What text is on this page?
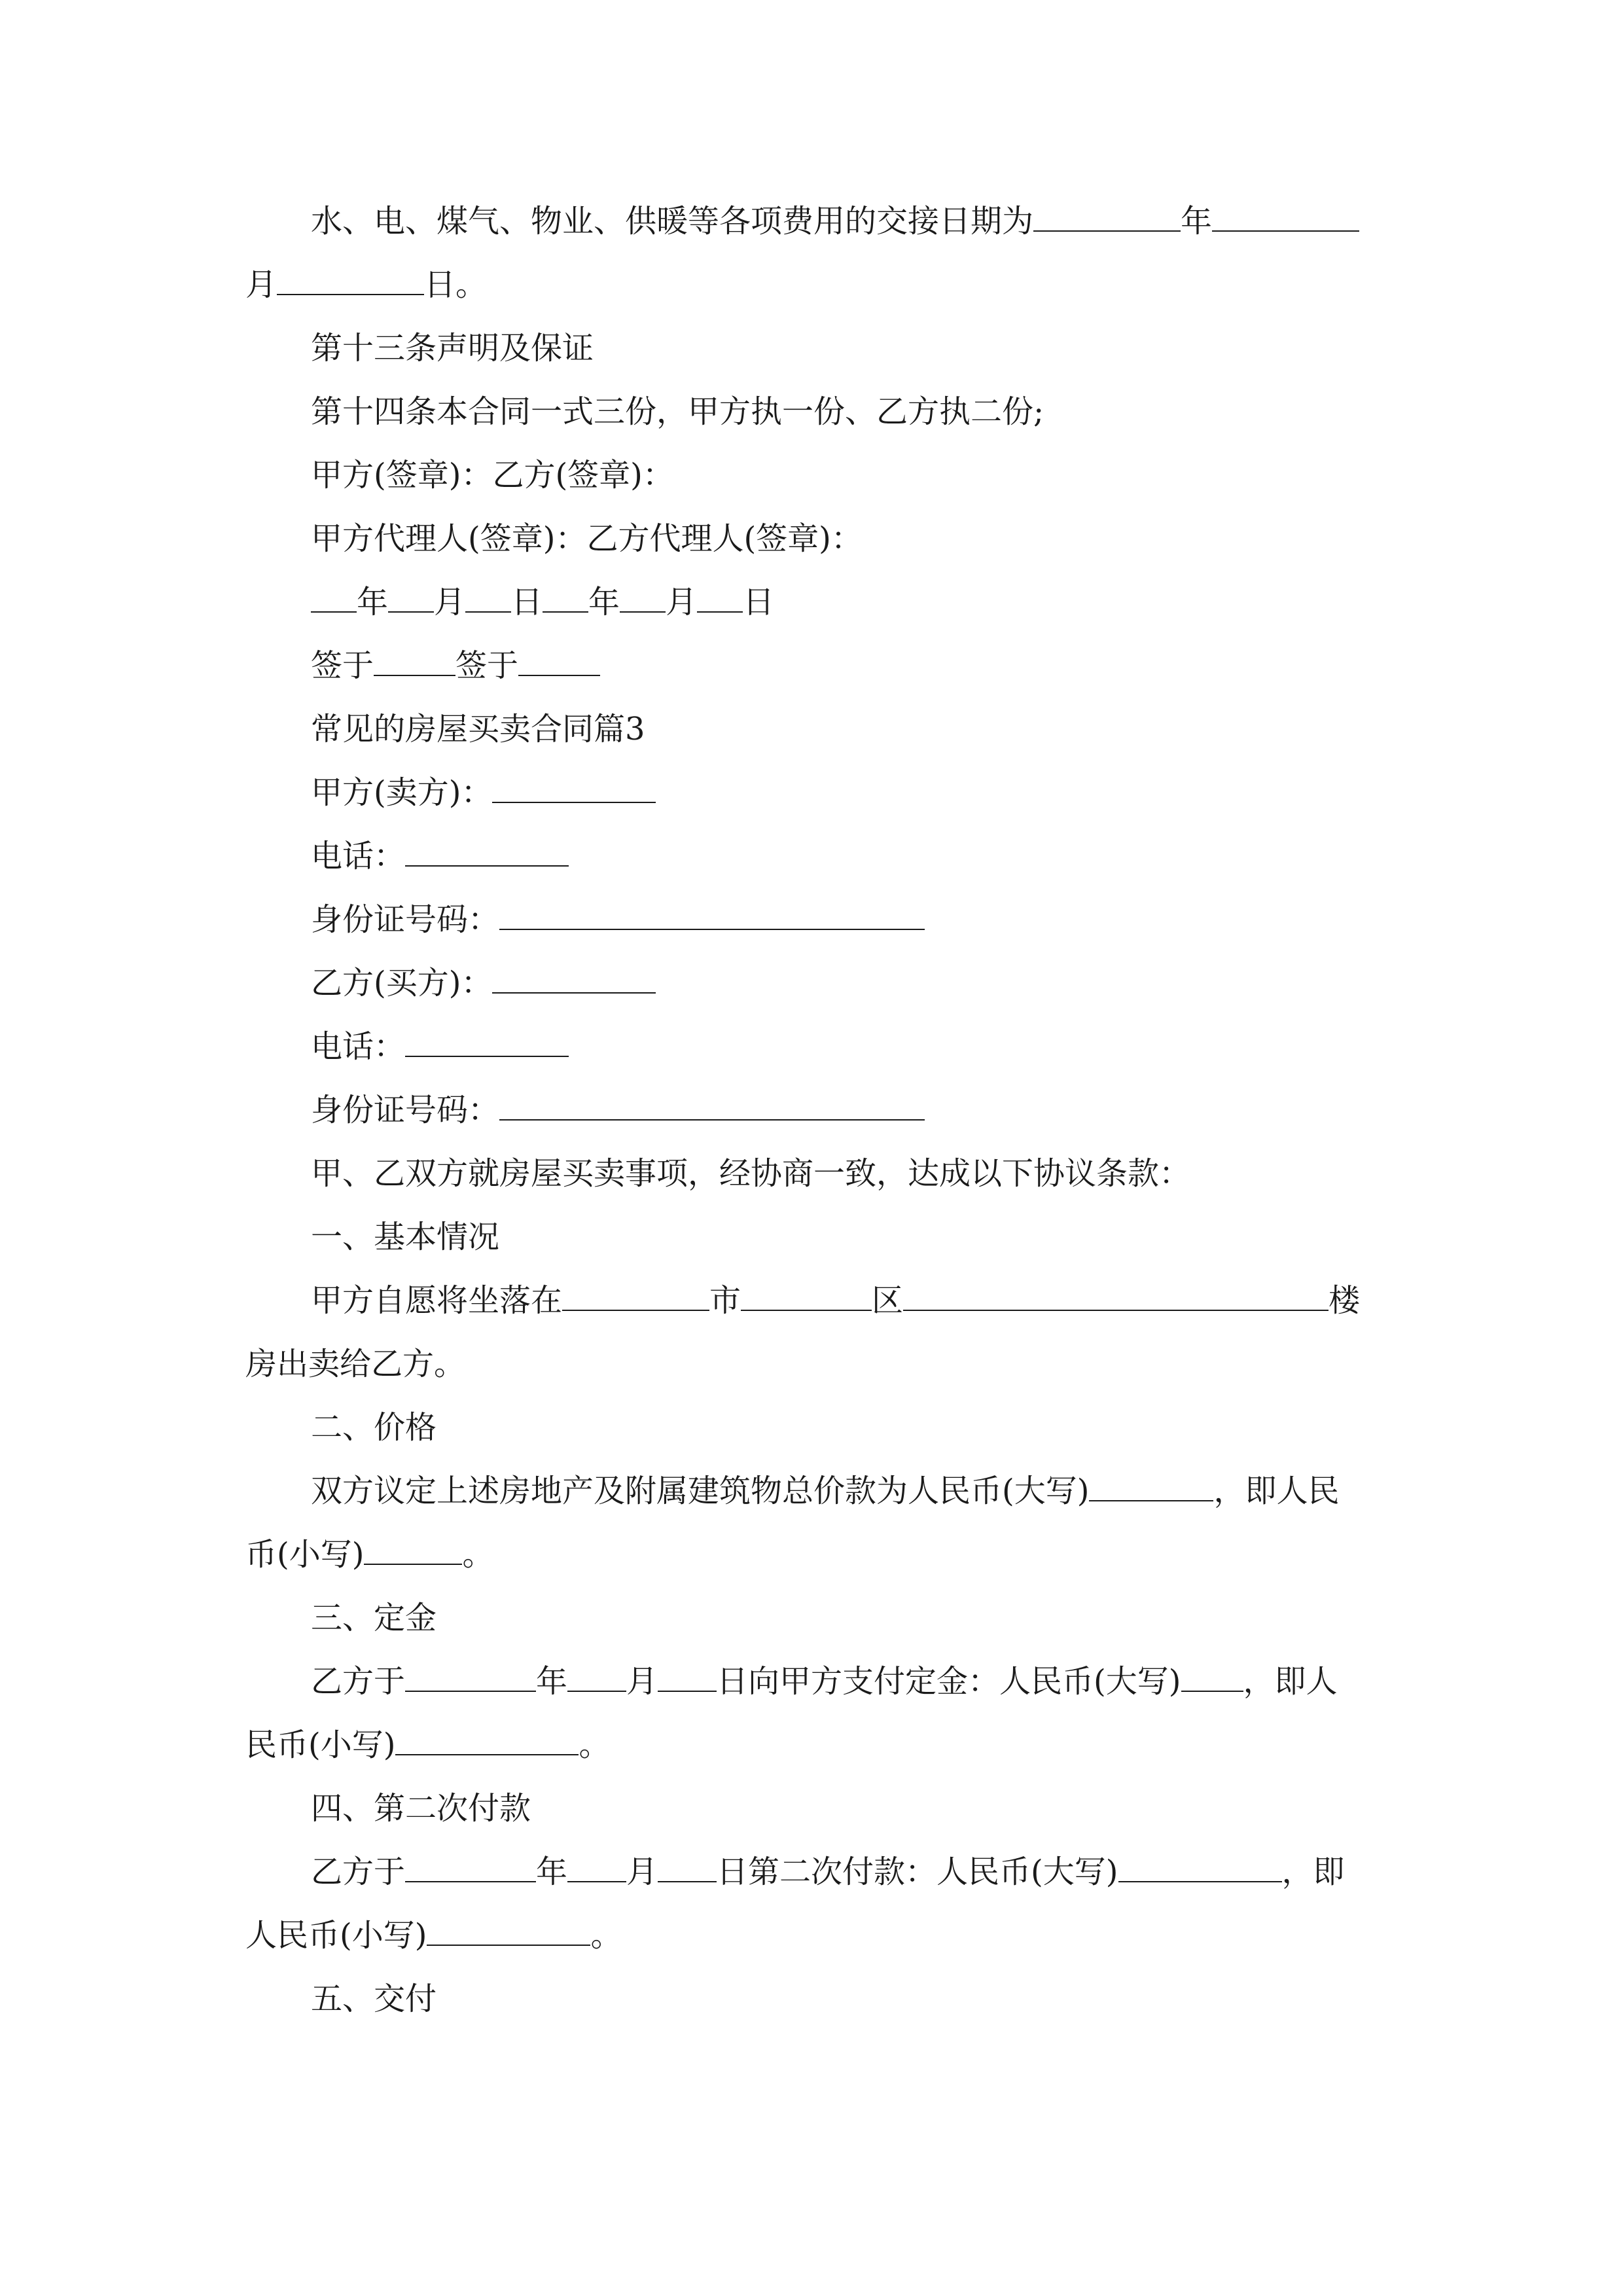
水、电、煤气、物业、供暖等各项费用的交接日期为	年

月	日。

第十三条声明及保证

第十四条本合同一式三份，甲方执一份、乙方执二份;

甲方(签章)：乙方(签章)：

甲方代理人(签章)：乙方代理人(签章)：

年 月 日 年 月 日

签于	签于

常见的房屋买卖合同篇3

甲方(卖方)：

电话：

身份证号码：

乙方(买方)：

电话：

身份证号码：

甲、乙双方就房屋买卖事项，经协商一致，达成以下协议条款：

一、基本情况

甲方自愿将坐落在	市	区	楼

房出卖给乙方。

二、价格

双方议定上述房地产及附属建筑物总价款为人民币(大写)	，即人民

币(小写)	。

三、定金

乙方于	年 月 日向甲方支付定金：人民币(大写) ，即人

民币(小写)	。

四、第二次付款

乙方于	年 月 日第二次付款：人民币(大写)	，即

人民币(小写)	。

五、交付
